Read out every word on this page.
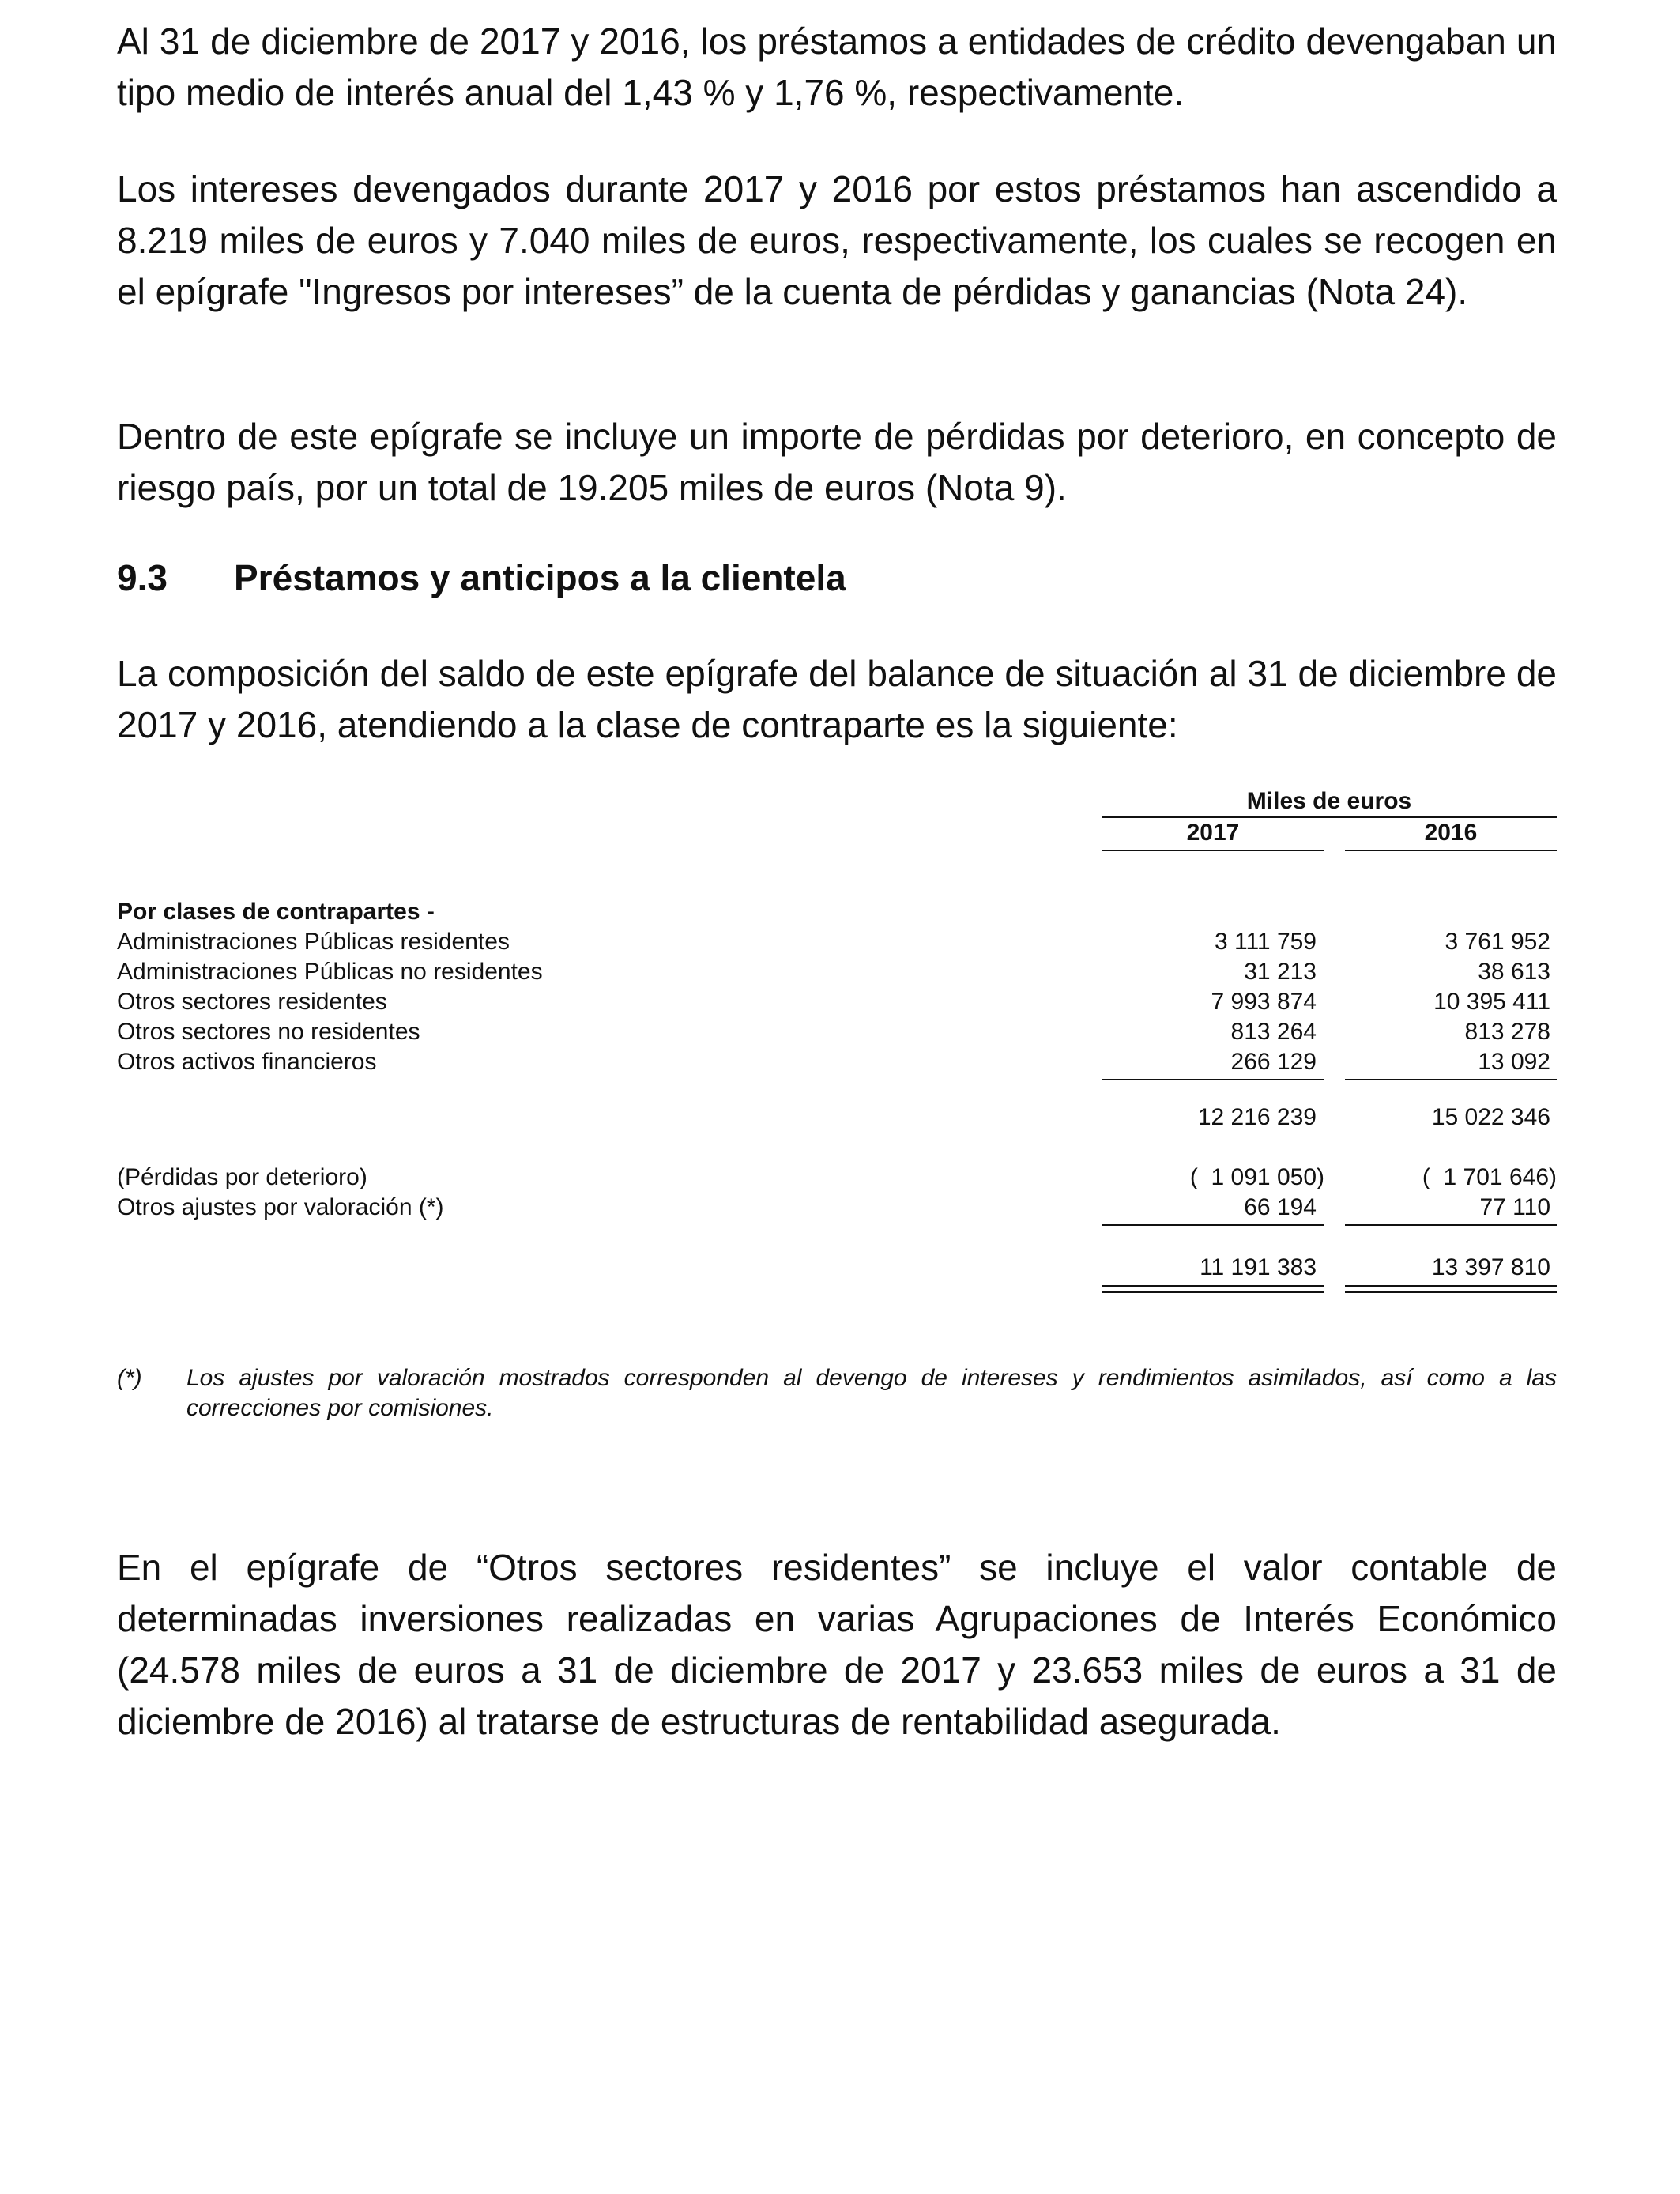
Al 31 de diciembre de 2017 y 2016, los préstamos a entidades de crédito devengaban un tipo medio de interés anual del 1,43 % y 1,76 %, respectivamente.

Los intereses devengados durante 2017 y 2016 por estos préstamos han ascendido a 8.219 miles de euros y 7.040 miles de euros, respectivamente, los cuales se recogen en el epígrafe "Ingresos por intereses” de la cuenta de pérdidas y ganancias (Nota 24).

Dentro de este epígrafe se incluye un importe de pérdidas por deterioro, en concepto de riesgo país, por un total de 19.205 miles de euros (Nota 9).

9.3 Préstamos y anticipos a la clientela

La composición del saldo de este epígrafe del balance de situación al 31 de diciembre de 2017 y 2016, atendiendo a la clase de contraparte es la siguiente:

Miles de euros
2017	2016
Por clases de contrapartes -
Administraciones Públicas residentes	3 111 759	3 761 952
Administraciones Públicas no residentes	31 213	38 613
Otros sectores residentes	7 993 874	10 395 411
Otros sectores no residentes	813 264	813 278
Otros activos financieros	266 129	13 092
12 216 239	15 022 346
(Pérdidas por deterioro)	(  1 091 050)	(  1 701 646)
Otros ajustes por valoración (*)	66 194	77 110
11 191 383	13 397 810
(*) Los ajustes por valoración mostrados corresponden al devengo de intereses y rendimientos asimilados, así como a las correcciones por comisiones.

En el epígrafe de “Otros sectores residentes” se incluye el valor contable de determinadas inversiones realizadas en varias Agrupaciones de Interés Económico (24.578 miles de euros a 31 de diciembre de 2017 y 23.653 miles de euros a 31 de diciembre de 2016) al tratarse de estructuras de rentabilidad asegurada.
